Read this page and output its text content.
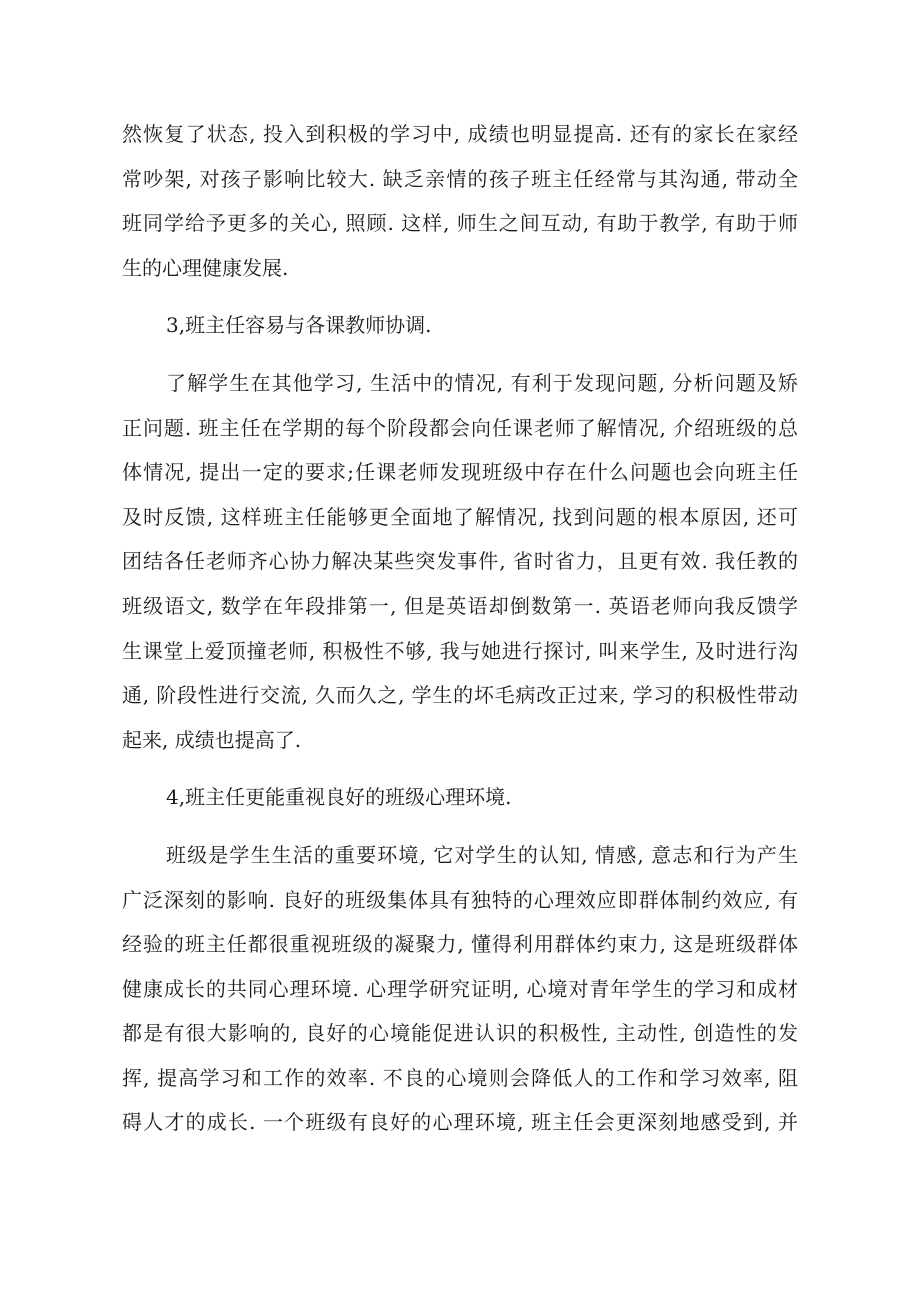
然恢复了状态, 投入到积极的学习中, 成绩也明显提高. 还有的家长在家经
常吵架, 对孩子影响比较大. 缺乏亲情的孩子班主任经常与其沟通, 带动全
班同学给予更多的关心, 照顾. 这样, 师生之间互动, 有助于教学, 有助于师
生的心理健康发展.
3,班主任容易与各课教师协调.
了解学生在其他学习, 生活中的情况, 有利于发现问题, 分析问题及矫
正问题. 班主任在学期的每个阶段都会向任课老师了解情况, 介绍班级的总
体情况, 提出一定的要求;任课老师发现班级中存在什么问题也会向班主任
及时反馈, 这样班主任能够更全面地了解情况, 找到问题的根本原因, 还可
团结各任老师齐心协力解决某些突发事件, 省时省力，且更有效. 我任教的
班级语文, 数学在年段排第一, 但是英语却倒数第一. 英语老师向我反馈学
生课堂上爱顶撞老师, 积极性不够, 我与她进行探讨, 叫来学生, 及时进行沟
通, 阶段性进行交流, 久而久之, 学生的坏毛病改正过来, 学习的积极性带动
起来, 成绩也提高了.
4,班主任更能重视良好的班级心理环境.
班级是学生生活的重要环境, 它对学生的认知, 情感, 意志和行为产生
广泛深刻的影响. 良好的班级集体具有独特的心理效应即群体制约效应, 有
经验的班主任都很重视班级的凝聚力, 懂得利用群体约束力, 这是班级群体
健康成长的共同心理环境. 心理学研究证明, 心境对青年学生的学习和成材
都是有很大影响的, 良好的心境能促进认识的积极性, 主动性, 创造性的发
挥, 提高学习和工作的效率. 不良的心境则会降低人的工作和学习效率, 阻
碍人才的成长. 一个班级有良好的心理环境, 班主任会更深刻地感受到, 并
